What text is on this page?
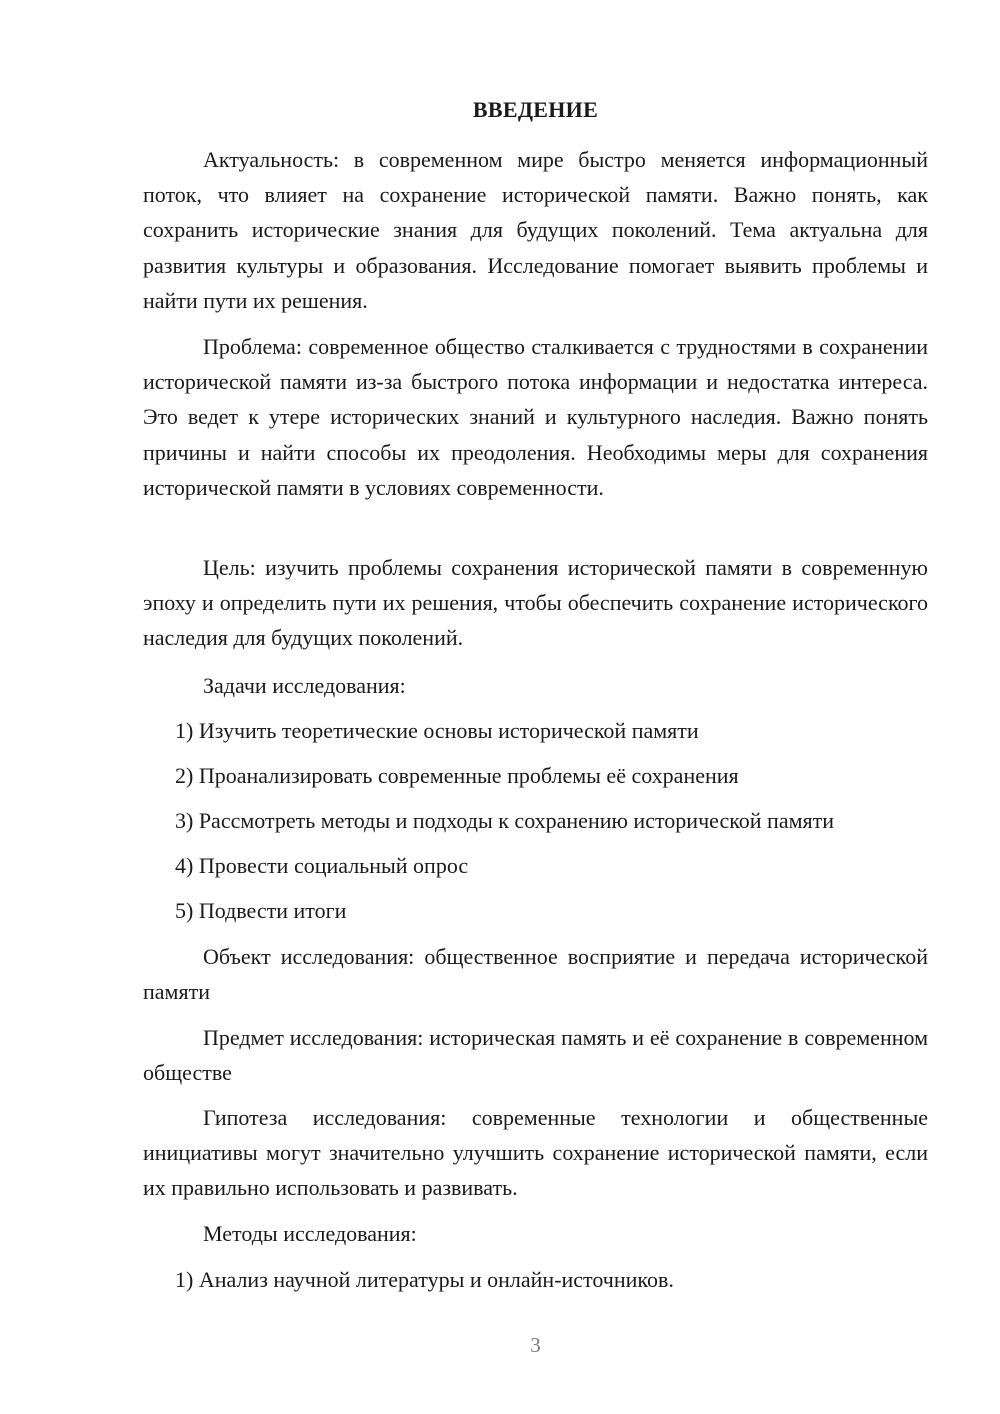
ВВЕДЕНИЕ
Актуальность: в современном мире быстро меняется информационный поток, что влияет на сохранение исторической памяти. Важно понять, как сохранить исторические знания для будущих поколений. Тема актуальна для развития культуры и образования. Исследование помогает выявить проблемы и найти пути их решения.
Проблема: современное общество сталкивается с трудностями в сохранении исторической памяти из-за быстрого потока информации и недостатка интереса. Это ведет к утере исторических знаний и культурного наследия. Важно понять причины и найти способы их преодоления. Необходимы меры для сохранения исторической памяти в условиях современности.
Цель: изучить проблемы сохранения исторической памяти в современную эпоху и определить пути их решения, чтобы обеспечить сохранение исторического наследия для будущих поколений.
Задачи исследования:
1) Изучить теоретические основы исторической памяти
2) Проанализировать современные проблемы её сохранения
3) Рассмотреть методы и подходы к сохранению исторической памяти
4) Провести социальный опрос
5) Подвести итоги
Объект исследования: общественное восприятие и передача исторической памяти
Предмет исследования: историческая память и её сохранение в современном обществе
Гипотеза исследования: современные технологии и общественные инициативы могут значительно улучшить сохранение исторической памяти, если их правильно использовать и развивать.
Методы исследования:
1) Анализ научной литературы и онлайн-источников.
3
